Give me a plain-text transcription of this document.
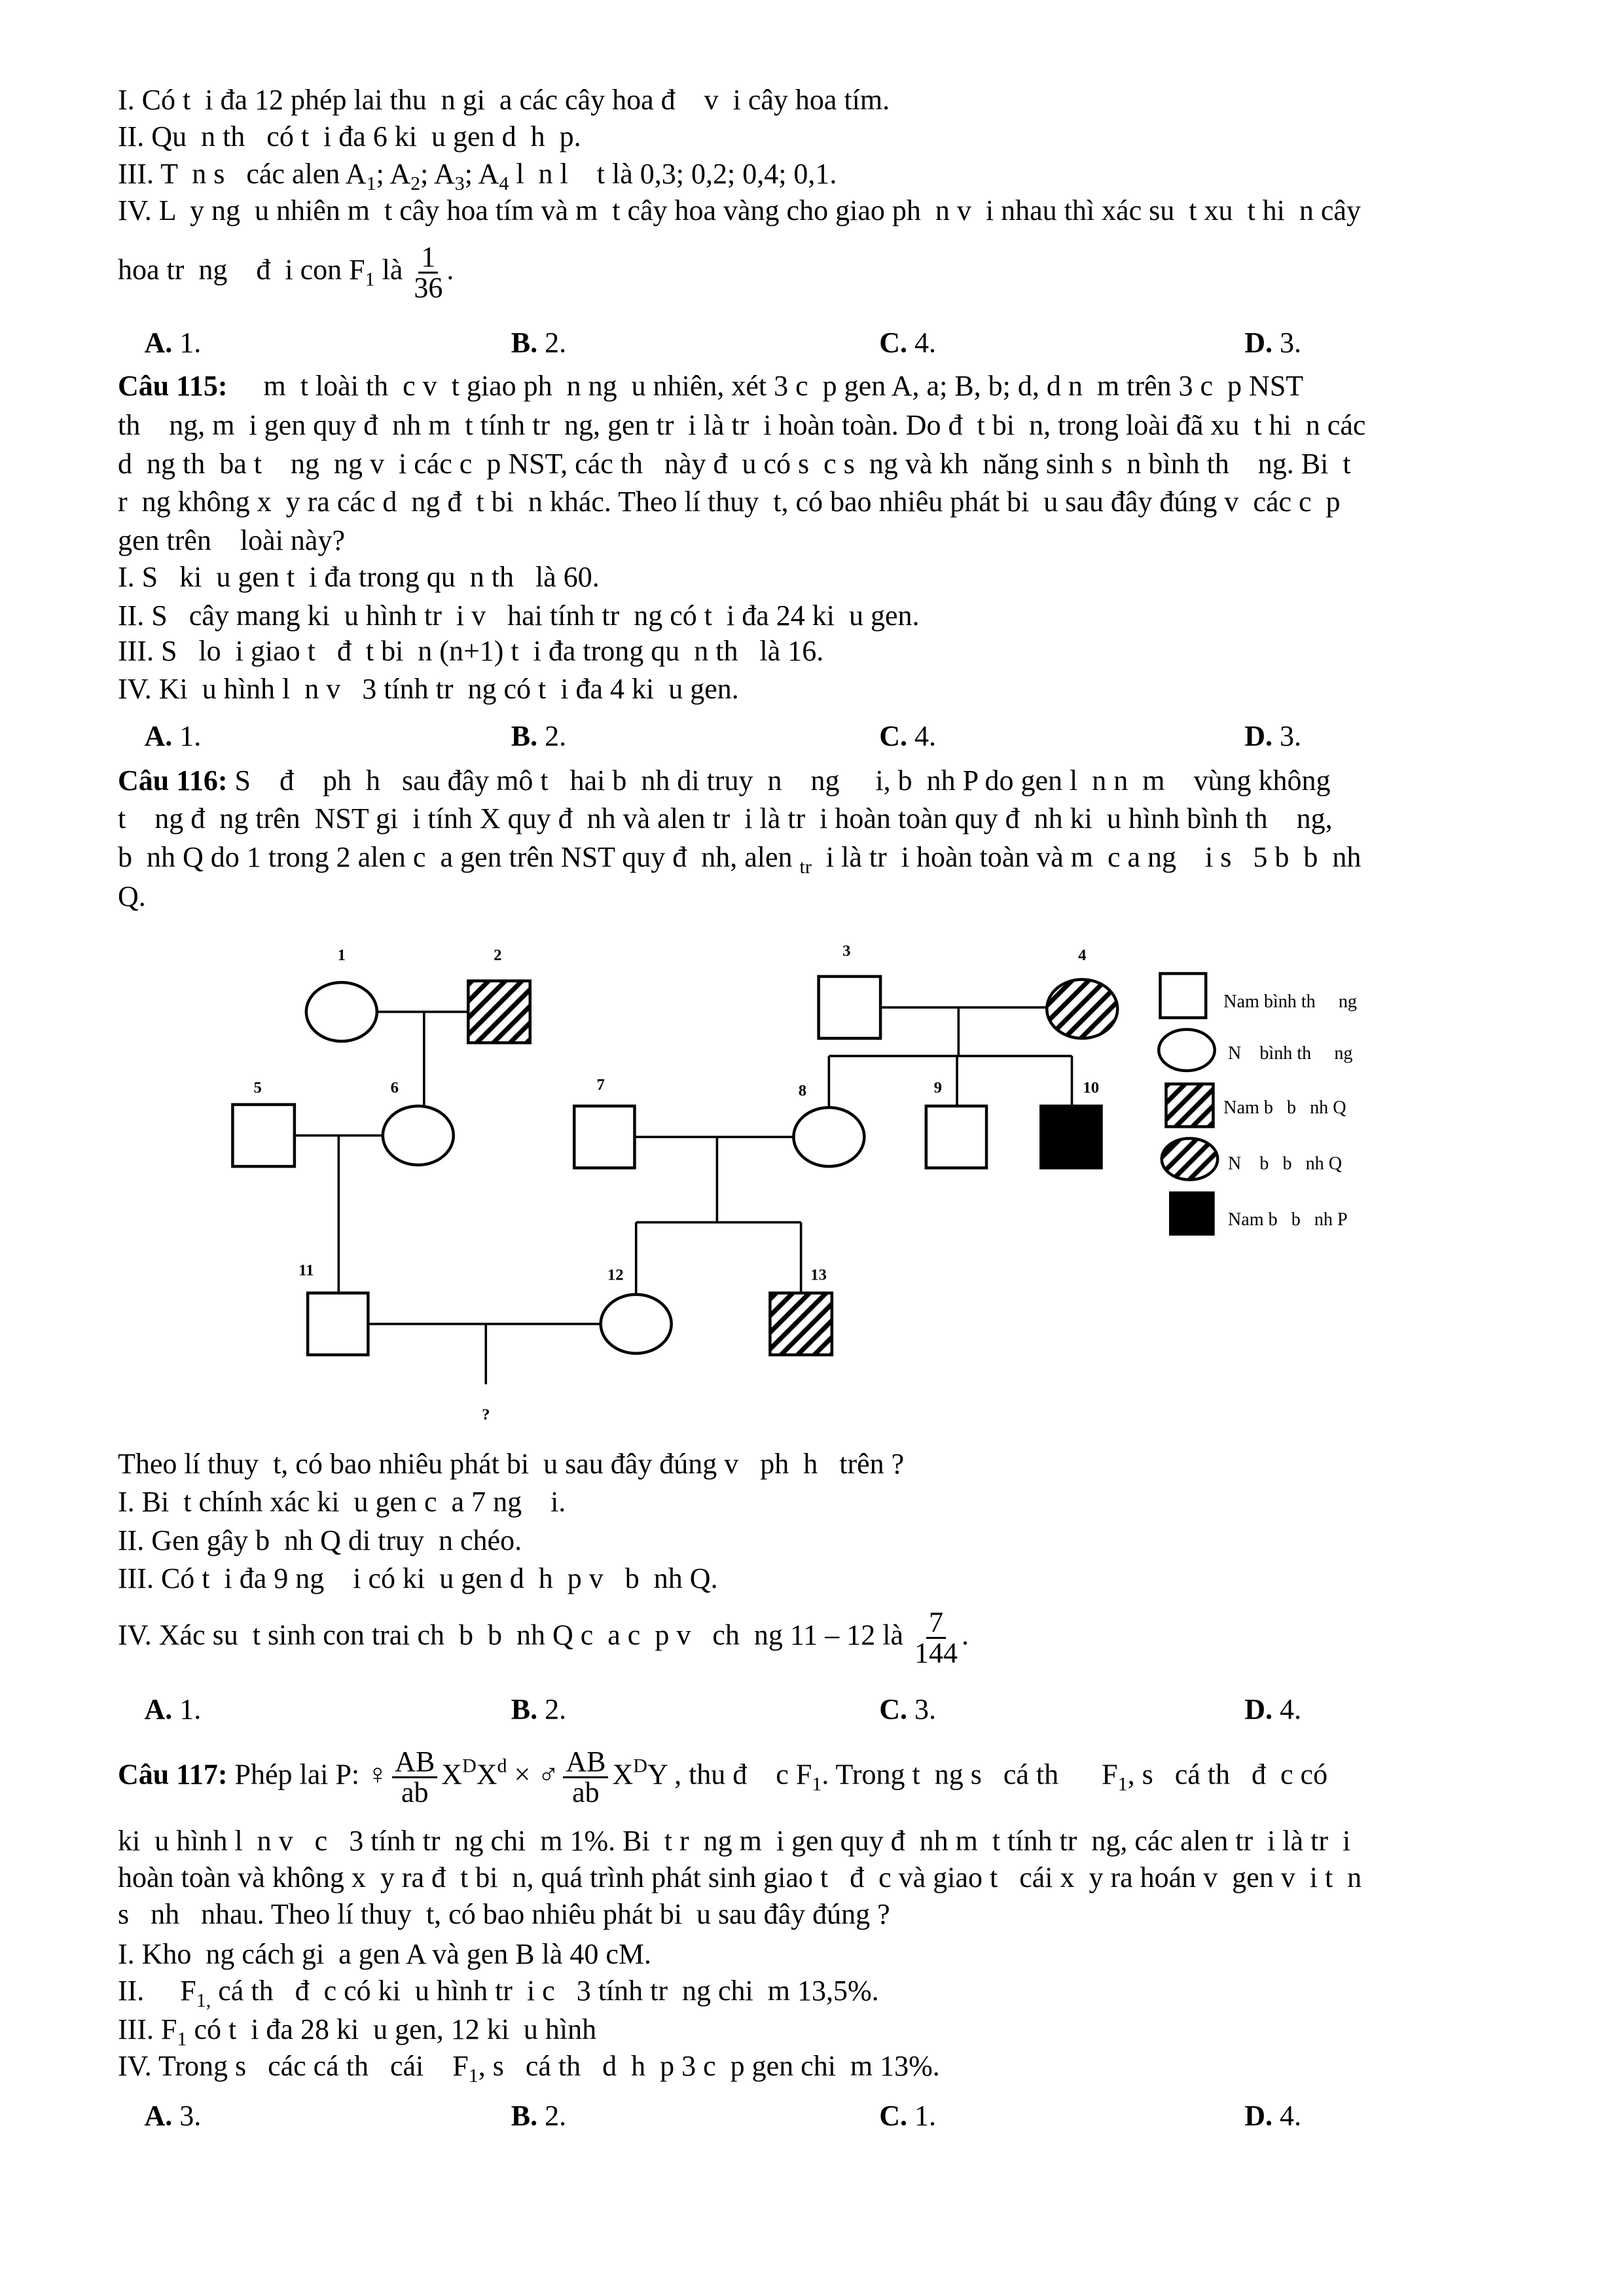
I. Có t  i đa 12 phép lai thu  n gi  a các cây hoa đ    v  i cây hoa tím.
II. Qu  n th   có t  i đa 6 ki  u gen d  h  p.
III. T  n s   các alen $A_1$; $A_2$; $A_3$; $A_4$ l  n l    t là 0,3; 0,2; 0,4; 0,1.
IV. L  y ng  u nhiên m  t cây hoa tím và m  t cây hoa vàng cho giao ph  n v  i nhau thì xác su  t xu  t hi  n cây
hoa tr  ng    đ  i con $F_1$ là $\frac{1}{36}$ .
Câu 115:     m  t loài th  c v  t giao ph  n ng  u nhiên, xét 3 c  p gen A, a; B, b; d, d n  m trên 3 c  p NST
th    ng, m  i gen quy đ  nh m  t tính tr  ng, gen tr  i là tr  i hoàn toàn. Do đ  t bi  n, trong loài đã xu  t hi  n các
d  ng th  ba t    ng  ng v  i các c  p NST, các th   này đ  u có s  c s  ng và kh  năng sinh s  n bình th    ng. Bi  t
r  ng không x  y ra các d  ng đ  t bi  n khác. Theo lí thuy  t, có bao nhiêu phát bi  u sau đây đúng v  các c  p
gen trên    loài này?
I. S   ki  u gen t  i đa trong qu  n th   là 60.
II. S   cây mang ki  u hình tr  i v   hai tính tr  ng có t  i đa 24 ki  u gen.
III. S   lo  i giao t   đ  t bi  n (n+1) t  i đa trong qu  n th   là 16.
IV. Ki  u hình l  n v   3 tính tr  ng có t  i đa 4 ki  u gen.
Câu 116: S    đ    ph  h   sau đây mô t   hai b  nh di truy  n    ng     i, b  nh P do gen l  n n  m    vùng không
t    ng đ  ng trên  NST gi  i tính X quy đ  nh và alen tr  i là tr  i hoàn toàn quy đ  nh ki  u hình bình th    ng,
b  nh Q do 1 trong 2 alen c  a gen trên NST quy đ  nh, alen $_{tr}$  i là tr  i hoàn toàn và m  c a ng    i s   5 b  b  nh
Q.
Theo lí thuy  t, có bao nhiêu phát bi  u sau đây đúng v   ph  h   trên ?
I. Bi  t chính xác ki  u gen c  a 7 ng    i.
II. Gen gây b  nh Q di truy  n chéo.
III. Có t  i đa 9 ng    i có ki  u gen d  h  p v   b  nh Q.
IV. Xác su  t sinh con trai ch  b  b  nh Q c  a c  p v   ch  ng 11 – 12 là $\frac{7}{144}$ .
Câu 117: Phép lai P: ♀ $\frac{AB}{ab} X^DX^d$ × ♂ $\frac{AB}{ab} X^DY$ , thu đ    c $F_1$. Trong t  ng s   cá th      $F_1$, s   cá th   đ  c có
ki  u hình l  n v   c   3 tính tr  ng chi  m 1%. Bi  t r  ng m  i gen quy đ  nh m  t tính tr  ng, các alen tr  i là tr  i
hoàn toàn và không x  y ra đ  t bi  n, quá trình phát sinh giao t   đ  c và giao t   cái x  y ra hoán v  gen v  i t  n
s   nh   nhau. Theo lí thuy  t, có bao nhiêu phát bi  u sau đây đúng ?
I. Kho  ng cách gi  a gen A và gen B là 40 cM.
II.     $F_{1,}$ cá th   đ  c có ki  u hình tr  i c   3 tính tr  ng chi  m 13,5%.
III. $F_1$ có t  i đa 28 ki  u gen, 12 ki  u hình
IV. Trong s   các cá th   cái    $F_1$, s   cá th   d  h  p 3 c  p gen chi  m 13%.
A. 1.	B. 2.	C. 4.	D. 3.
A. 1.	B. 2.	C. 4.	D. 3.
A. 1.	B. 2.	C. 3.	D. 4.
A. 3.	B. 2.	C. 1.	D. 4.
1	2	3	4
5	6	7	8	9	10
11	12	13
?
Nam bình th     ng
N    bình th     ng
Nam b   b   nh Q
N    b   b   nh Q
Nam b   b   nh P
